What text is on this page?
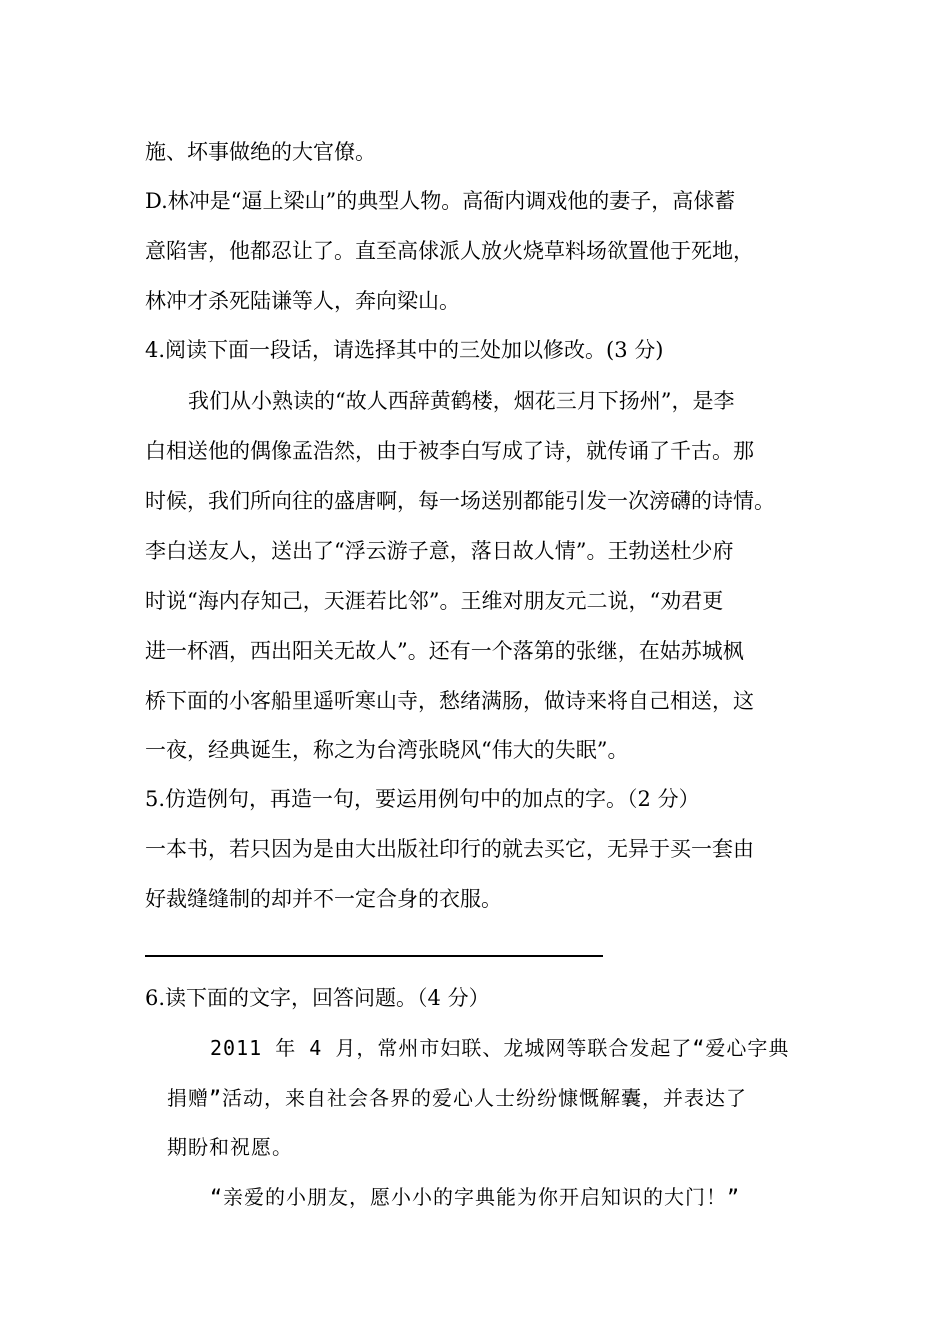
施、坏事做绝的大官僚。
D.林冲是“逼上梁山”的典型人物。高衙内调戏他的妻子，高俅蓄
意陷害，他都忍让了。直至高俅派人放火烧草料场欲置他于死地，
林冲才杀死陆谦等人，奔向梁山。
4.阅读下面一段话，请选择其中的三处加以修改。(3 分)
我们从小熟读的“故人西辞黄鹤楼，烟花三月下扬州”，是李
白相送他的偶像孟浩然，由于被李白写成了诗，就传诵了千古。那
时候，我们所向往的盛唐啊，每一场送别都能引发一次滂礴的诗情。
李白送友人，送出了“浮云游子意，落日故人情”。王勃送杜少府
时说“海内存知己，天涯若比邻”。王维对朋友元二说，“劝君更
进一杯酒，西出阳关无故人”。还有一个落第的张继，在姑苏城枫
桥下面的小客船里遥听寒山寺，愁绪满肠，做诗来将自己相送，这
一夜，经典诞生，称之为台湾张晓风“伟大的失眠”。
5.仿造例句，再造一句，要运用例句中的加点的字。（2 分）
一本书，若只因为是由大出版社印行的就去买它，无异于买一套由
好裁缝缝制的却并不一定合身的衣服。
6.读下面的文字，回答问题。（4 分）
2011 年 4 月，常州市妇联、龙城网等联合发起了“爱心字典
捐赠”活动，来自社会各界的爱心人士纷纷慷慨解囊，并表达了
期盼和祝愿。
“亲爱的小朋友，愿小小的字典能为你开启知识的大门！”
